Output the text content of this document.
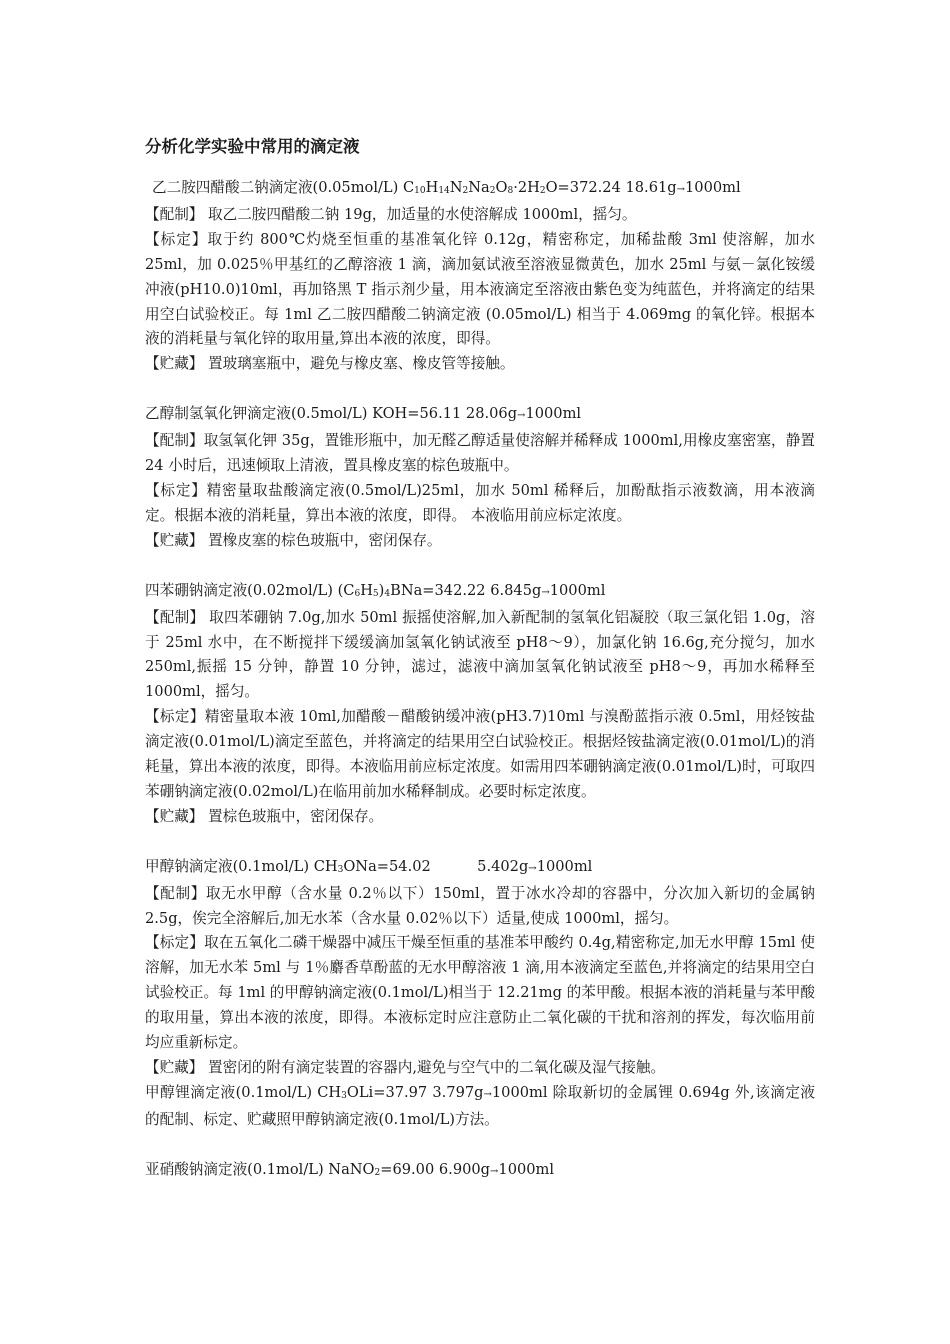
分析化学实验中常用的滴定液

乙二胺四醋酸二钠滴定液(0.05mol/L) $C_{10}H_{14}N_2Na_2O_8\cdot 2H_2O=372.24$ 18.61g→1000ml

【配制】 取乙二胺四醋酸二钠 19g，加适量的水使溶解成 1000ml，摇匀。

【标定】取于约 800℃灼烧至恒重的基准氧化锌 0.12g，精密称定，加稀盐酸 3ml 使溶解，加水 25ml，加 0.025％甲基红的乙醇溶液 1 滴，滴加氨试液至溶液显微黄色，加水 25ml 与氨－氯化铵缓冲液(pH10.0)10ml，再加铬黑 T 指示剂少量，用本液滴定至溶液由紫色变为纯蓝色，并将滴定的结果用空白试验校正。每 1ml 乙二胺四醋酸二钠滴定液 (0.05mol/L) 相当于 4.069mg 的氧化锌。根据本液的消耗量与氧化锌的取用量,算出本液的浓度，即得。

【贮藏】 置玻璃塞瓶中，避免与橡皮塞、橡皮管等接触。

乙醇制氢氧化钾滴定液(0.5mol/L) KOH=56.11 28.06g→1000ml

【配制】取氢氧化钾 35g，置锥形瓶中，加无醛乙醇适量使溶解并稀释成 1000ml,用橡皮塞密塞，静置 24 小时后，迅速倾取上清液，置具橡皮塞的棕色玻瓶中。

【标定】精密量取盐酸滴定液(0.5mol/L)25ml，加水 50ml 稀释后，加酚酞指示液数滴，用本液滴定。根据本液的消耗量，算出本液的浓度，即得。 本液临用前应标定浓度。

【贮藏】 置橡皮塞的棕色玻瓶中，密闭保存。

四苯硼钠滴定液(0.02mol/L) $(C_6H_5)_4BNa=342.22$ 6.845g→1000ml

【配制】 取四苯硼钠 7.0g,加水 50ml 振摇使溶解,加入新配制的氢氧化铝凝胶（取三氯化铝 1.0g，溶于 25ml 水中，在不断搅拌下缓缓滴加氢氧化钠试液至 pH8～9），加氯化钠 16.6g,充分搅匀，加水 250ml,振摇 15 分钟，静置 10 分钟，滤过，滤液中滴加氢氧化钠试液至 pH8～9，再加水稀释至 1000ml，摇匀。

【标定】精密量取本液 10ml,加醋酸－醋酸钠缓冲液(pH3.7)10ml 与溴酚蓝指示液 0.5ml，用烃铵盐滴定液(0.01mol/L)滴定至蓝色，并将滴定的结果用空白试验校正。根据烃铵盐滴定液(0.01mol/L)的消耗量，算出本液的浓度，即得。本液临用前应标定浓度。如需用四苯硼钠滴定液(0.01mol/L)时，可取四苯硼钠滴定液(0.02mol/L)在临用前加水稀释制成。必要时标定浓度。

【贮藏】 置棕色玻瓶中，密闭保存。

甲醇钠滴定液(0.1mol/L) $CH_3ONa=54.02$          5.402g→1000ml

【配制】取无水甲醇（含水量 0.2％以下）150ml，置于冰水冷却的容器中，分次加入新切的金属钠 2.5g，俟完全溶解后,加无水苯（含水量 0.02％以下）适量,使成 1000ml，摇匀。

【标定】取在五氧化二磷干燥器中减压干燥至恒重的基准苯甲酸约 0.4g,精密称定,加无水甲醇 15ml 使溶解，加无水苯 5ml 与 1％麝香草酚蓝的无水甲醇溶液 1 滴,用本液滴定至蓝色,并将滴定的结果用空白试验校正。每 1ml 的甲醇钠滴定液(0.1mol/L)相当于 12.21mg 的苯甲酸。根据本液的消耗量与苯甲酸的取用量，算出本液的浓度，即得。本液标定时应注意防止二氧化碳的干扰和溶剂的挥发，每次临用前均应重新标定。

【贮藏】 置密闭的附有滴定装置的容器内,避免与空气中的二氧化碳及湿气接触。

甲醇锂滴定液(0.1mol/L) $CH_3OLi=37.97$ 3.797g→1000ml 除取新切的金属锂 0.694g 外,该滴定液的配制、标定、贮藏照甲醇钠滴定液(0.1mol/L)方法。

亚硝酸钠滴定液(0.1mol/L) NaNO$_2$=69.00 6.900g→1000ml
